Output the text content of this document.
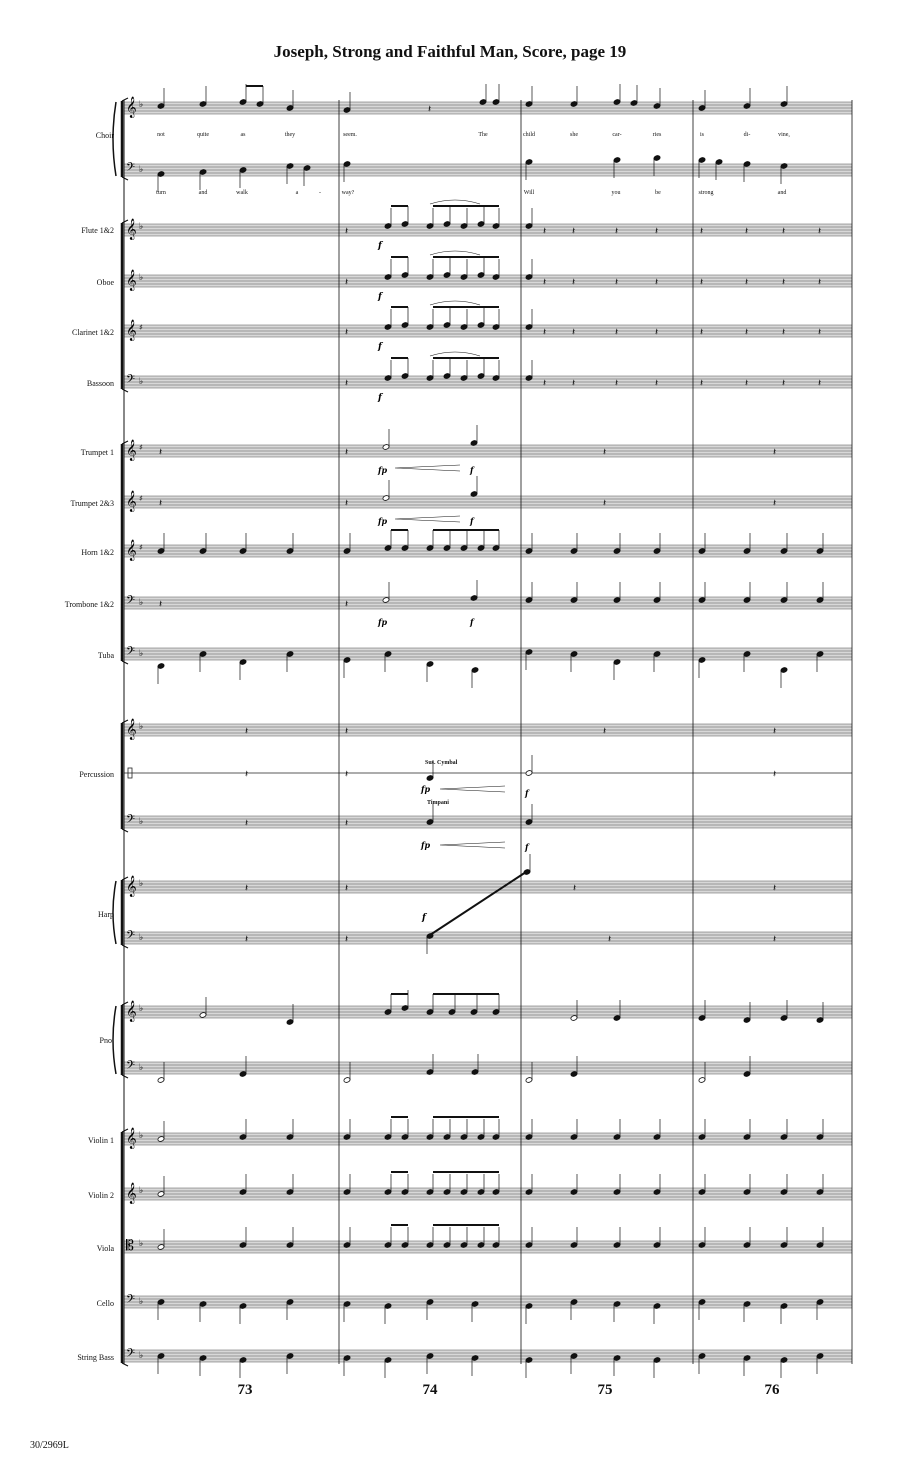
Joseph, Strong and Faithful Man, Score, page 19
𝄞 ♭
𝄢 ♭
𝄞 ♭
𝄞 ♭
𝄞 ♯
𝄢 ♭
𝄞 ♯
𝄞 ♯
𝄞 ♯
𝄢 ♭
𝄢 ♭
𝄞 ♭
𝄢 ♭
𝄞 ♭
𝄢 ♭
𝄞 ♭
𝄢 ♭
𝄞 ♭
𝄞 ♭
𝄡 ♭
𝄢 ♭
𝄢 ♭
𝄽
𝄽
f
𝄽	𝄽	𝄽	𝄽	𝄽	𝄽	𝄽	𝄽
𝄽
f
𝄽	𝄽	𝄽	𝄽	𝄽	𝄽	𝄽	𝄽
𝄽
f
𝄽	𝄽	𝄽	𝄽	𝄽	𝄽	𝄽	𝄽
𝄽
f
𝄽	𝄽	𝄽	𝄽	𝄽	𝄽	𝄽	𝄽
𝄽	𝄽
fp	f
𝄽	𝄽
𝄽	𝄽
fp	f
𝄽	𝄽
𝄽
𝄽
fp	f
𝄽	𝄽	𝄽	𝄽
𝄽	𝄽	𝄽
fp	f
𝄽	𝄽
fp	f
𝄽	𝄽	𝄽	𝄽
𝄽	𝄽	𝄽	𝄽
f
Choir
Flute 1&2
Oboe
Clarinet 1&2
Bassoon
Trumpet 1
Trumpet 2&3
Horn 1&2
Trombone 1&2
Tuba
Percussion
Harp
Pno.
Violin 1
Violin 2
Viola
Cello
String Bass
not	quite	as	they	seem.	The	child	she	car-	ries	is	di-	vine,
turn	and	walk	a	-	way?	Will	you	be	strong	and
Sus. Cymbal
Timpani
73	74	75	76
30/2969L
